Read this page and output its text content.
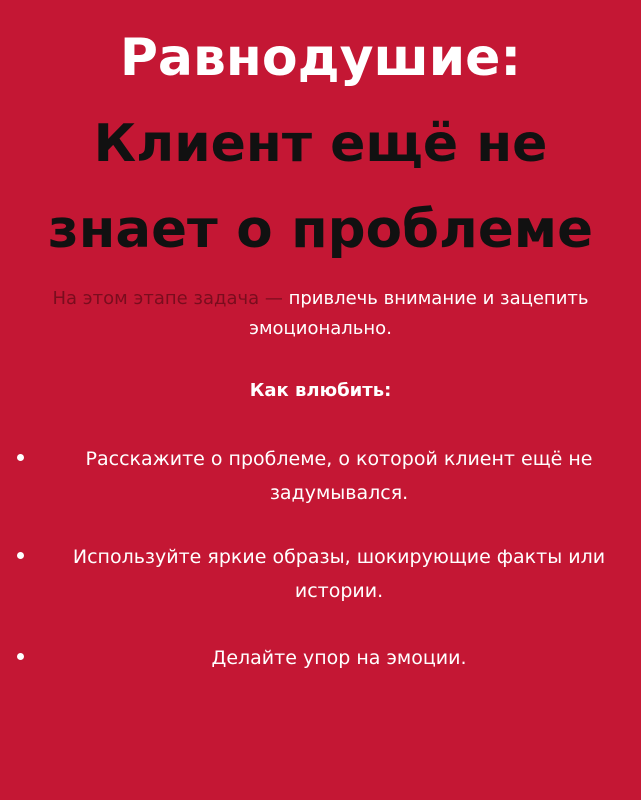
Равнодушие:
Клиент ещё не
знает о проблеме

На этом этапе задача — привлечь внимание и зацепить эмоционально.

Как влюбить:

Расскажите о проблеме, о которой клиент ещё не задумывался.
Используйте яркие образы, шокирующие факты или истории.
Делайте упор на эмоции.
